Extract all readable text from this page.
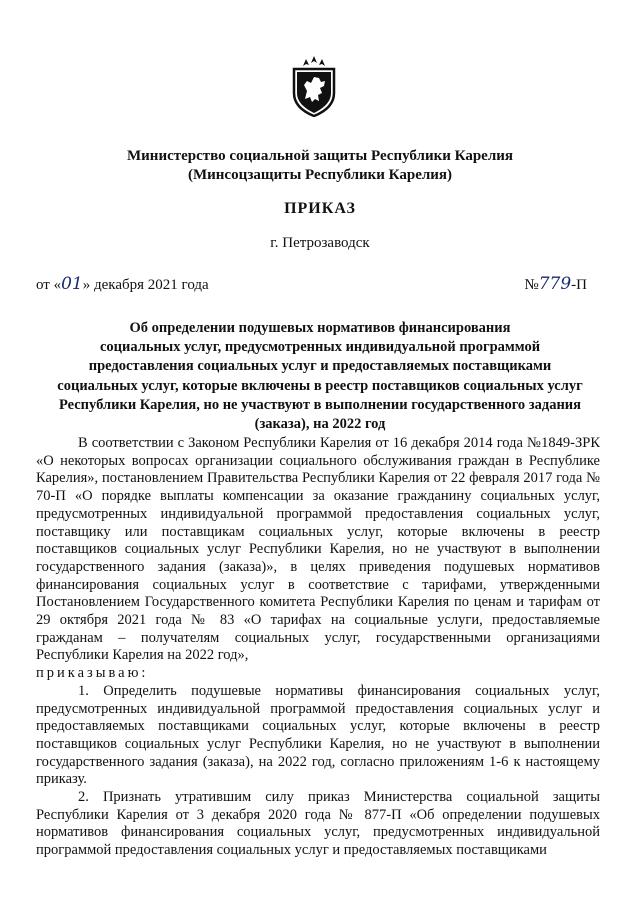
Министерство социальной защиты Республики Карелия
(Минсоцзащиты Республики Карелия)
ПРИКАЗ
г. Петрозаводск
от «01» декабря 2021 года	№779-П
Об определении подушевых нормативов финансирования
социальных услуг, предусмотренных индивидуальной программой
предоставления социальных услуг и предоставляемых поставщиками
социальных услуг, которые включены в реестр поставщиков социальных услуг
Республики Карелия, но не участвуют в выполнении государственного задания
(заказа), на 2022 год

В соответствии с Законом Республики Карелия от 16 декабря 2014 года №1849-ЗРК «О некоторых вопросах организации социального обслуживания граждан в Республике Карелия», постановлением Правительства Республики Карелия от 22 февраля 2017 года № 70-П «О порядке выплаты компенсации за оказание гражданину социальных услуг, предусмотренных индивидуальной программой предоставления социальных услуг, поставщику или поставщикам социальных услуг, которые включены в реестр поставщиков социальных услуг Республики Карелия, но не участвуют в выполнении государственного задания (заказа)», в целях приведения подушевых нормативов финансирования социальных услуг в соответствие с тарифами, утвержденными Постановлением Государственного комитета Республики Карелия по ценам и тарифам от 29 октября 2021 года № 83 «О тарифах на социальные услуги, предоставляемые гражданам – получателям социальных услуг, государственными организациями Республики Карелия на 2022 год»,

приказываю:

1. Определить подушевые нормативы финансирования социальных услуг, предусмотренных индивидуальной программой предоставления социальных услуг и предоставляемых поставщиками социальных услуг, которые включены в реестр поставщиков социальных услуг Республики Карелия, но не участвуют в выполнении государственного задания (заказа), на 2022 год, согласно приложениям 1-6 к настоящему приказу.

2. Признать утратившим силу приказ Министерства социальной защиты Республики Карелия от 3 декабря 2020 года № 877-П «Об определении подушевых нормативов финансирования социальных услуг, предусмотренных индивидуальной программой предоставления социальных услуг и предоставляемых поставщиками
